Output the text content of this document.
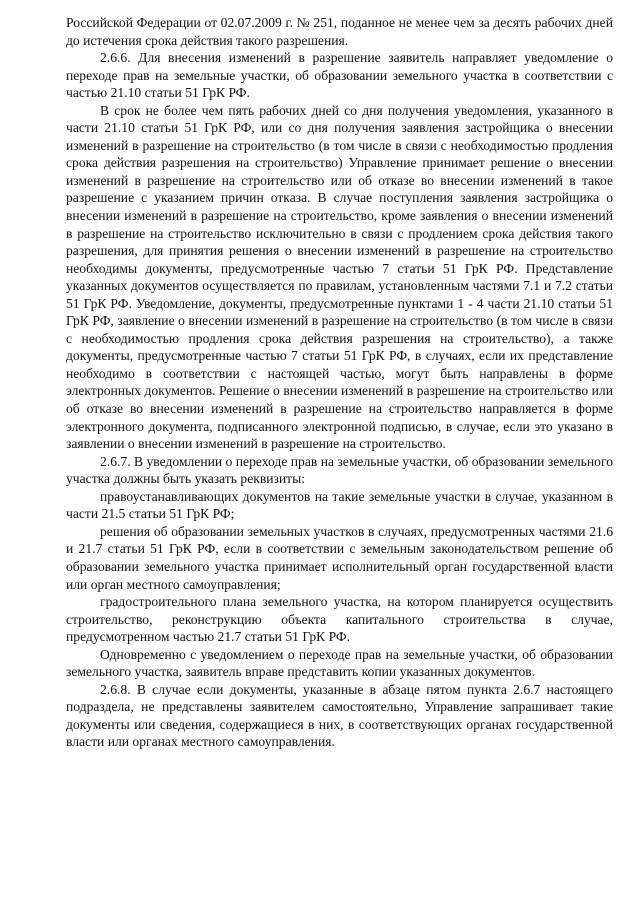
Российской Федерации от 02.07.2009 г. № 251, поданное не менее чем за десять рабочих дней до истечения срока действия такого разрешения.

2.6.6. Для внесения изменений в разрешение заявитель направляет уведомление о переходе прав на земельные участки, об образовании земельного участка в соответствии с частью 21.10 статьи 51 ГрК РФ.

В срок не более чем пять рабочих дней со дня получения уведомления, указанного в части 21.10 статьи 51 ГрК РФ, или со дня получения заявления застройщика о внесении изменений в разрешение на строительство (в том числе в связи с необходимостью продления срока действия разрешения на строительство) Управление принимает решение о внесении изменений в разрешение на строительство или об отказе во внесении изменений в такое разрешение с указанием причин отказа. В случае поступления заявления застройщика о внесении изменений в разрешение на строительство, кроме заявления о внесении изменений в разрешение на строительство исключительно в связи с продлением срока действия такого разрешения, для принятия решения о внесении изменений в разрешение на строительство необходимы документы, предусмотренные частью 7 статьи 51 ГрК РФ. Представление указанных документов осуществляется по правилам, установленным частями 7.1 и 7.2 статьи 51 ГрК РФ. Уведомление, документы, предусмотренные пунктами 1 - 4 части 21.10 статьи 51 ГрК РФ, заявление о внесении изменений в разрешение на строительство (в том числе в связи с необходимостью продления срока действия разрешения на строительство), а также документы, предусмотренные частью 7 статьи 51 ГрК РФ, в случаях, если их представление необходимо в соответствии с настоящей частью, могут быть направлены в форме электронных документов. Решение о внесении изменений в разрешение на строительство или об отказе во внесении изменений в разрешение на строительство направляется в форме электронного документа, подписанного электронной подписью, в случае, если это указано в заявлении о внесении изменений в разрешение на строительство.

2.6.7. В уведомлении о переходе прав на земельные участки, об образовании земельного участка должны быть указать реквизиты:

правоустанавливающих документов на такие земельные участки в случае, указанном в части 21.5 статьи 51 ГрК РФ;

решения об образовании земельных участков в случаях, предусмотренных частями 21.6 и 21.7 статьи 51 ГрК РФ, если в соответствии с земельным законодательством решение об образовании земельного участка принимает исполнительный орган государственной власти или орган местного самоуправления;

градостроительного плана земельного участка, на котором планируется осуществить строительство, реконструкцию объекта капитального строительства в случае, предусмотренном частью 21.7 статьи 51 ГрК РФ.

Одновременно с уведомлением о переходе прав на земельные участки, об образовании земельного участка, заявитель вправе представить копии указанных документов.

2.6.8. В случае если документы, указанные в абзаце пятом пункта 2.6.7 настоящего подраздела, не представлены заявителем самостоятельно, Управление запрашивает такие документы или сведения, содержащиеся в них, в соответствующих органах государственной власти или органах местного самоуправления.
